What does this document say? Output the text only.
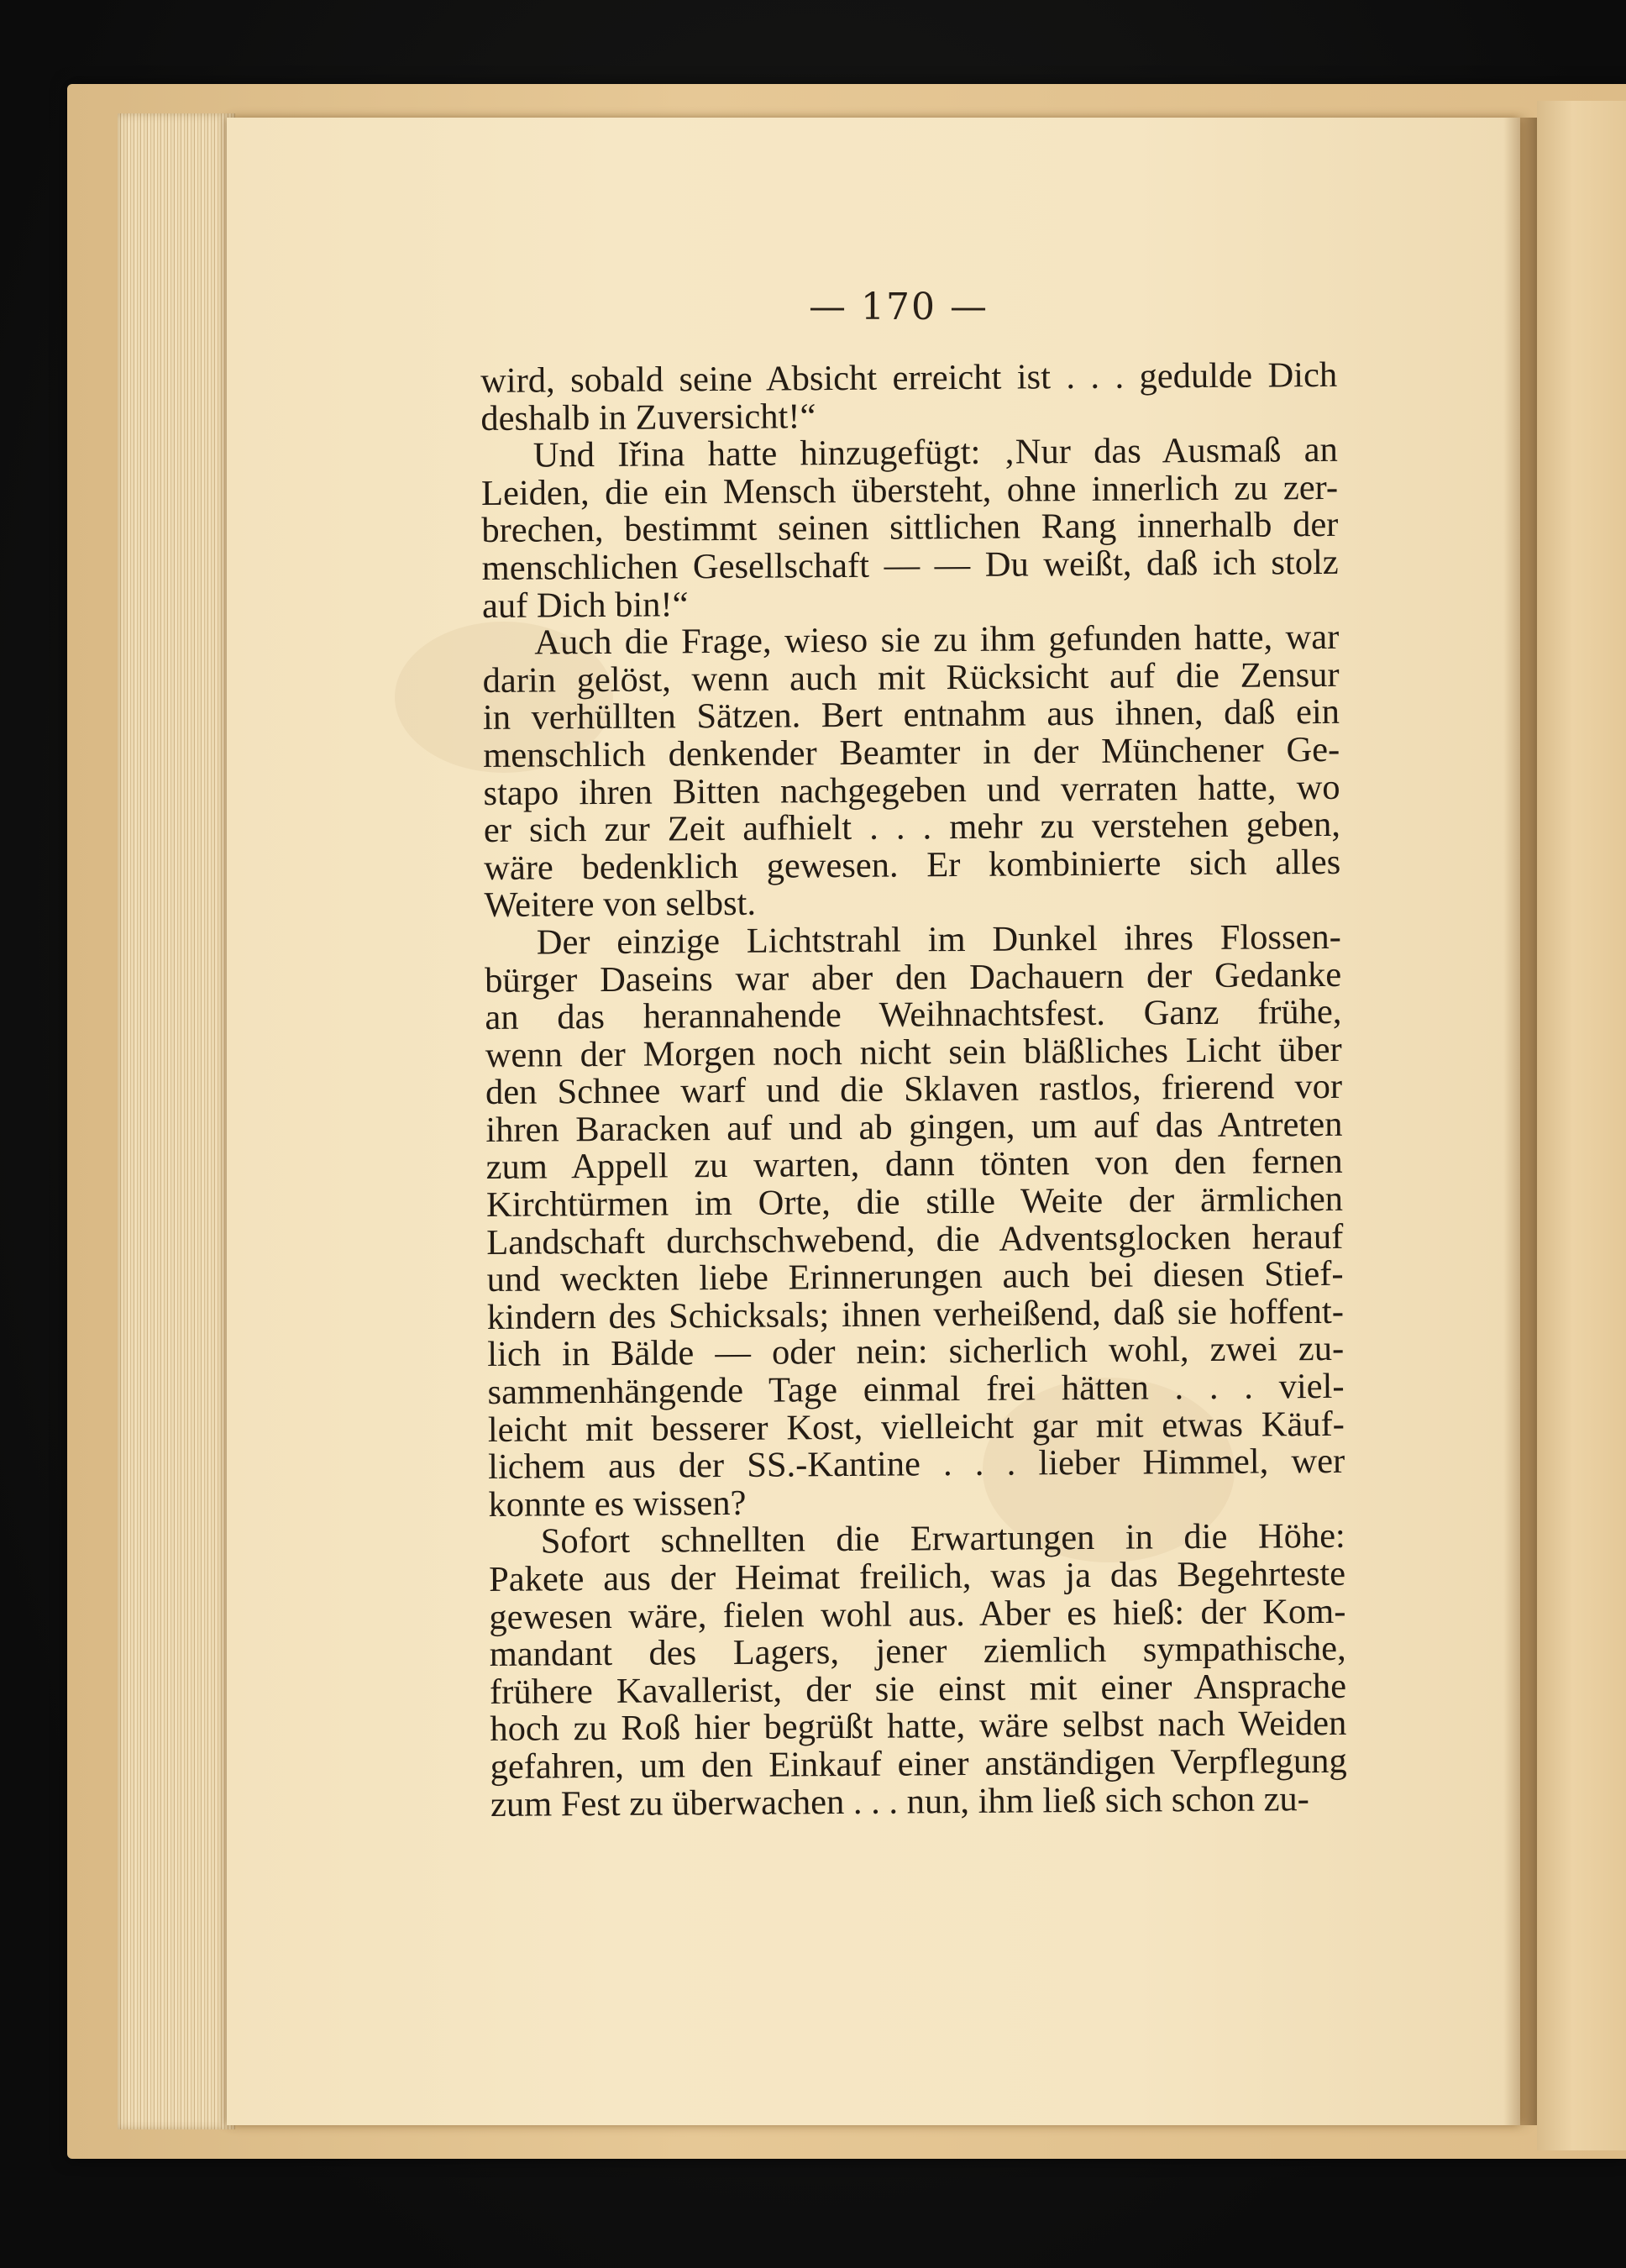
— 170 —
wird, sobald seine Absicht erreicht ist . . . gedulde Dich
deshalb in Zuversicht!“
Und Iřina hatte hinzugefügt: ‚Nur das Ausmaß an
Leiden, die ein Mensch übersteht, ohne innerlich zu zer-
brechen, bestimmt seinen sittlichen Rang innerhalb der
menschlichen Gesellschaft — — Du weißt, daß ich stolz
auf Dich bin!“
Auch die Frage, wieso sie zu ihm gefunden hatte, war
darin gelöst, wenn auch mit Rücksicht auf die Zensur
in verhüllten Sätzen. Bert entnahm aus ihnen, daß ein
menschlich denkender Beamter in der Münchener Ge-
stapo ihren Bitten nachgegeben und verraten hatte, wo
er sich zur Zeit aufhielt . . . mehr zu verstehen geben,
wäre bedenklich gewesen. Er kombinierte sich alles
Weitere von selbst.
Der einzige Lichtstrahl im Dunkel ihres Flossen-
bürger Daseins war aber den Dachauern der Gedanke
an das herannahende Weihnachtsfest. Ganz frühe,
wenn der Morgen noch nicht sein bläßliches Licht über
den Schnee warf und die Sklaven rastlos, frierend vor
ihren Baracken auf und ab gingen, um auf das Antreten
zum Appell zu warten, dann tönten von den fernen
Kirchtürmen im Orte, die stille Weite der ärmlichen
Landschaft durchschwebend, die Adventsglocken herauf
und weckten liebe Erinnerungen auch bei diesen Stief-
kindern des Schicksals; ihnen verheißend, daß sie hoffent-
lich in Bälde — oder nein: sicherlich wohl, zwei zu-
sammenhängende Tage einmal frei hätten . . . viel-
leicht mit besserer Kost, vielleicht gar mit etwas Käuf-
lichem aus der SS.-Kantine . . . lieber Himmel, wer
konnte es wissen?
Sofort schnellten die Erwartungen in die Höhe:
Pakete aus der Heimat freilich, was ja das Begehrteste
gewesen wäre, fielen wohl aus. Aber es hieß: der Kom-
mandant des Lagers, jener ziemlich sympathische,
frühere Kavallerist, der sie einst mit einer Ansprache
hoch zu Roß hier begrüßt hatte, wäre selbst nach Weiden
gefahren, um den Einkauf einer anständigen Verpflegung
zum Fest zu überwachen . . . nun, ihm ließ sich schon zu-
